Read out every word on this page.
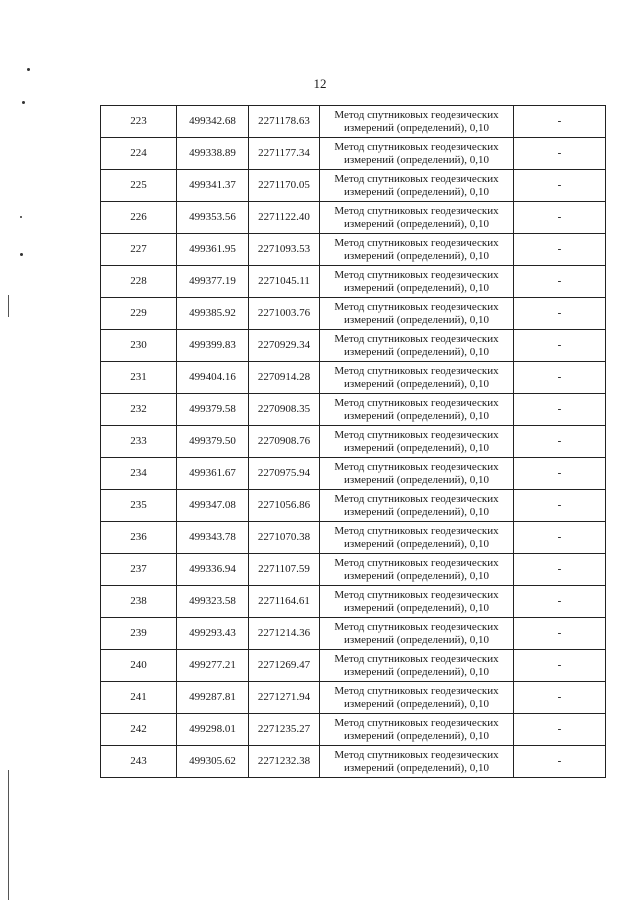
12
223	499342.68	2271178.63	Метод спутниковых геодезических
измерений (определений), 0,10	-
224	499338.89	2271177.34	Метод спутниковых геодезических
измерений (определений), 0,10	-
225	499341.37	2271170.05	Метод спутниковых геодезических
измерений (определений), 0,10	-
226	499353.56	2271122.40	Метод спутниковых геодезических
измерений (определений), 0,10	-
227	499361.95	2271093.53	Метод спутниковых геодезических
измерений (определений), 0,10	-
228	499377.19	2271045.11	Метод спутниковых геодезических
измерений (определений), 0,10	-
229	499385.92	2271003.76	Метод спутниковых геодезических
измерений (определений), 0,10	-
230	499399.83	2270929.34	Метод спутниковых геодезических
измерений (определений), 0,10	-
231	499404.16	2270914.28	Метод спутниковых геодезических
измерений (определений), 0,10	-
232	499379.58	2270908.35	Метод спутниковых геодезических
измерений (определений), 0,10	-
233	499379.50	2270908.76	Метод спутниковых геодезических
измерений (определений), 0,10	-
234	499361.67	2270975.94	Метод спутниковых геодезических
измерений (определений), 0,10	-
235	499347.08	2271056.86	Метод спутниковых геодезических
измерений (определений), 0,10	-
236	499343.78	2271070.38	Метод спутниковых геодезических
измерений (определений), 0,10	-
237	499336.94	2271107.59	Метод спутниковых геодезических
измерений (определений), 0,10	-
238	499323.58	2271164.61	Метод спутниковых геодезических
измерений (определений), 0,10	-
239	499293.43	2271214.36	Метод спутниковых геодезических
измерений (определений), 0,10	-
240	499277.21	2271269.47	Метод спутниковых геодезических
измерений (определений), 0,10	-
241	499287.81	2271271.94	Метод спутниковых геодезических
измерений (определений), 0,10	-
242	499298.01	2271235.27	Метод спутниковых геодезических
измерений (определений), 0,10	-
243	499305.62	2271232.38	Метод спутниковых геодезических
измерений (определений), 0,10	-
